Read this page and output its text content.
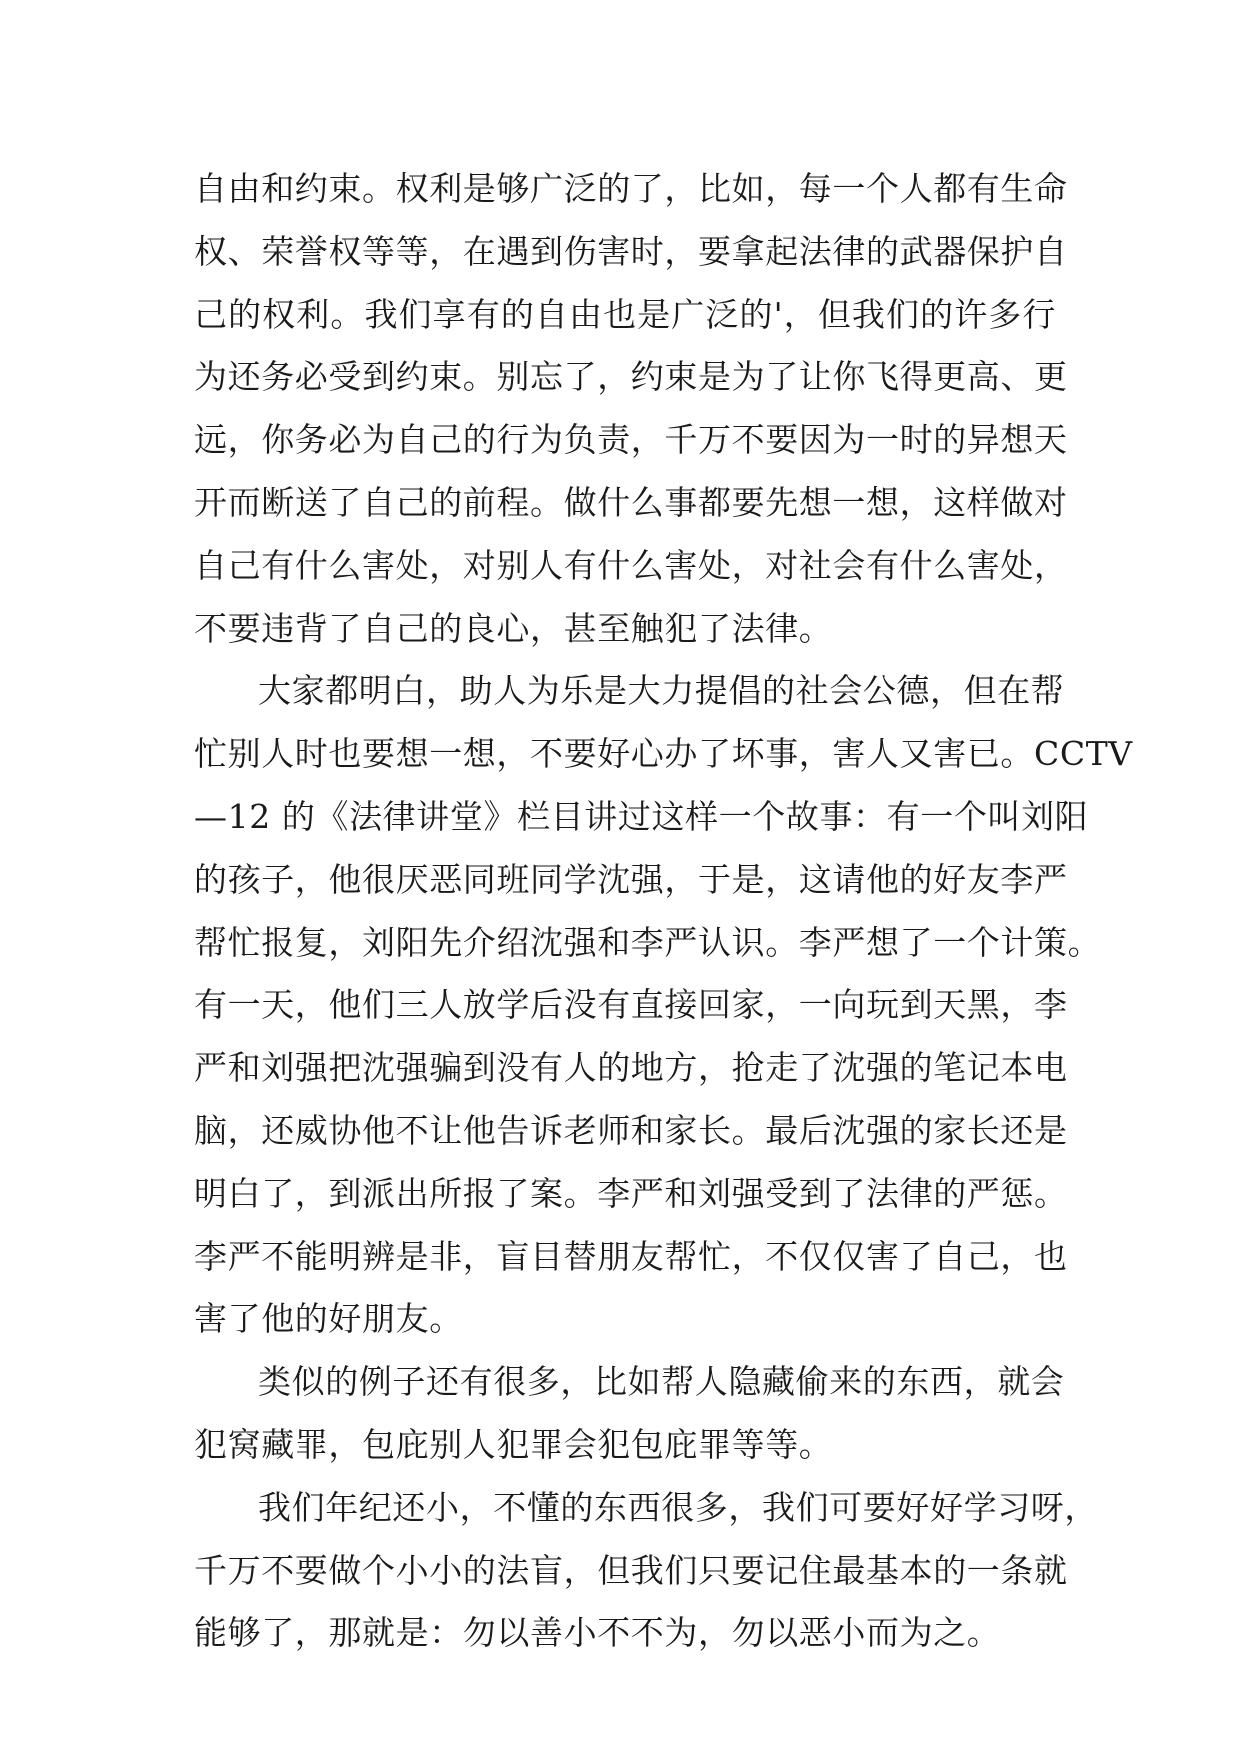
自由和约束。权利是够广泛的了，比如，每一个人都有生命
权、荣誉权等等，在遇到伤害时，要拿起法律的武器保护自
己的权利。我们享有的自由也是广泛的'，但我们的许多行
为还务必受到约束。别忘了，约束是为了让你飞得更高、更
远，你务必为自己的行为负责，千万不要因为一时的异想天
开而断送了自己的前程。做什么事都要先想一想，这样做对
自己有什么害处，对别人有什么害处，对社会有什么害处，
不要违背了自己的良心，甚至触犯了法律。
大家都明白，助人为乐是大力提倡的社会公德，但在帮
忙别人时也要想一想，不要好心办了坏事，害人又害已。CCTV
—12 的《法律讲堂》栏目讲过这样一个故事：有一个叫刘阳
的孩子，他很厌恶同班同学沈强，于是，这请他的好友李严
帮忙报复，刘阳先介绍沈强和李严认识。李严想了一个计策。
有一天，他们三人放学后没有直接回家，一向玩到天黑，李
严和刘强把沈强骗到没有人的地方，抢走了沈强的笔记本电
脑，还威协他不让他告诉老师和家长。最后沈强的家长还是
明白了，到派出所报了案。李严和刘强受到了法律的严惩。
李严不能明辨是非，盲目替朋友帮忙，不仅仅害了自己，也
害了他的好朋友。
类似的例子还有很多，比如帮人隐藏偷来的东西，就会
犯窝藏罪，包庇别人犯罪会犯包庇罪等等。
我们年纪还小，不懂的东西很多，我们可要好好学习呀，
千万不要做个小小的法盲，但我们只要记住最基本的一条就
能够了，那就是：勿以善小不不为，勿以恶小而为之。
